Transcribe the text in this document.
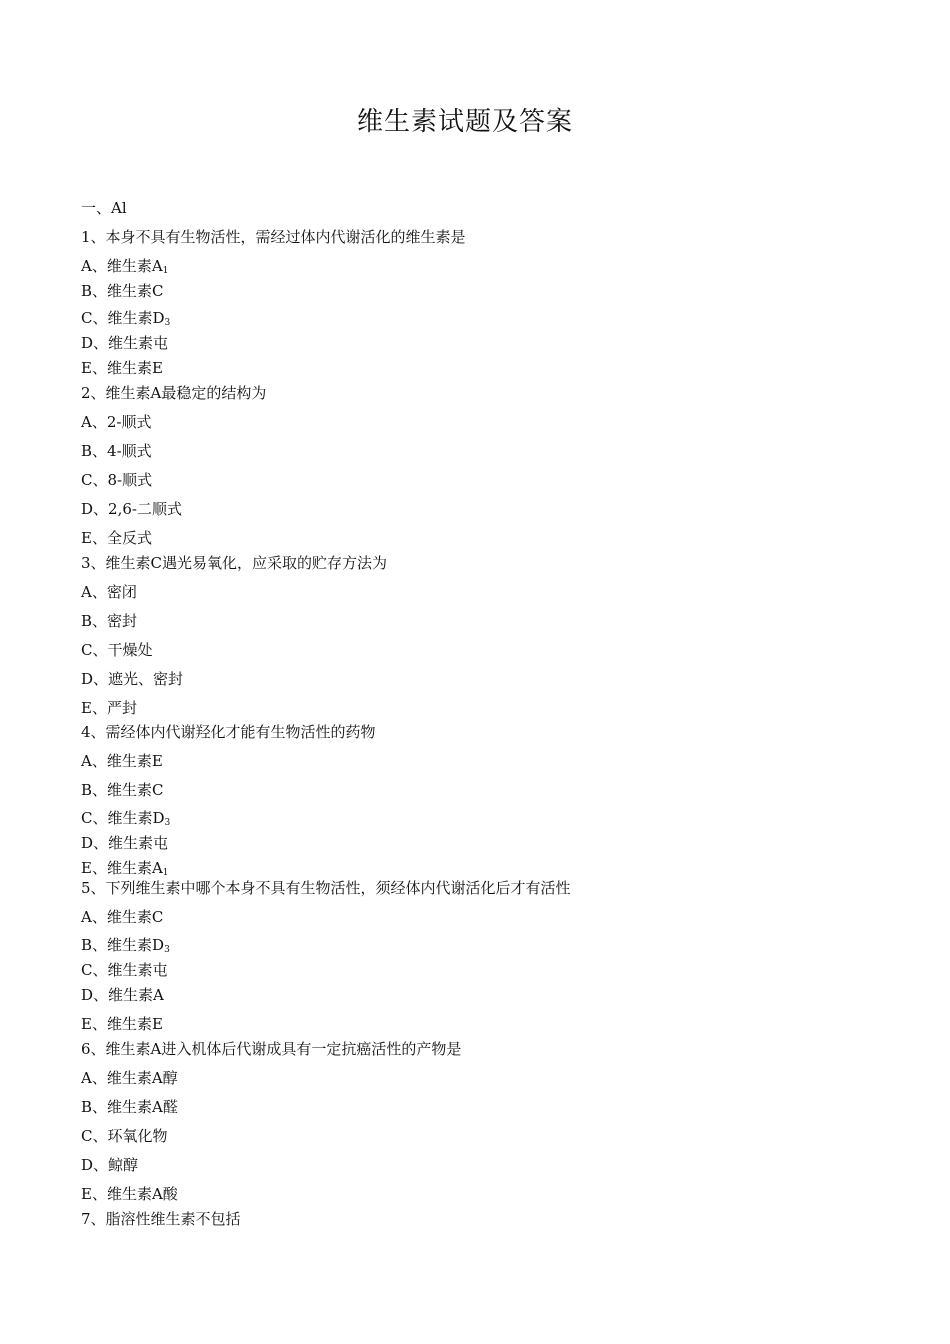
维生素试题及答案
一、Al
1、本身不具有生物活性，需经过体内代谢活化的维生素是
A、维生素$A_1$
B、维生素C
C、维生素$D_3$
D、维生素屯
E、维生素E
2、维生素A最稳定的结构为
A、2-顺式
B、4-顺式
C、8-顺式
D、2,6-二顺式
E、全反式
3、维生素C遇光易氧化，应采取的贮存方法为
A、密闭
B、密封
C、干燥处
D、遮光、密封
E、严封
4、需经体内代谢羟化才能有生物活性的药物
A、维生素E
B、维生素C
C、维生素$D_3$
D、维生素屯
E、维生素$A_1$
5、下列维生素中哪个本身不具有生物活性，须经体内代谢活化后才有活性
A、维生素C
B、维生素$D_3$
C、维生素屯
D、维生素A
E、维生素E
6、维生素A进入机体后代谢成具有一定抗癌活性的产物是
A、维生素A醇
B、维生素A醛
C、环氧化物
D、鲸醇
E、维生素A酸
7、脂溶性维生素不包括
